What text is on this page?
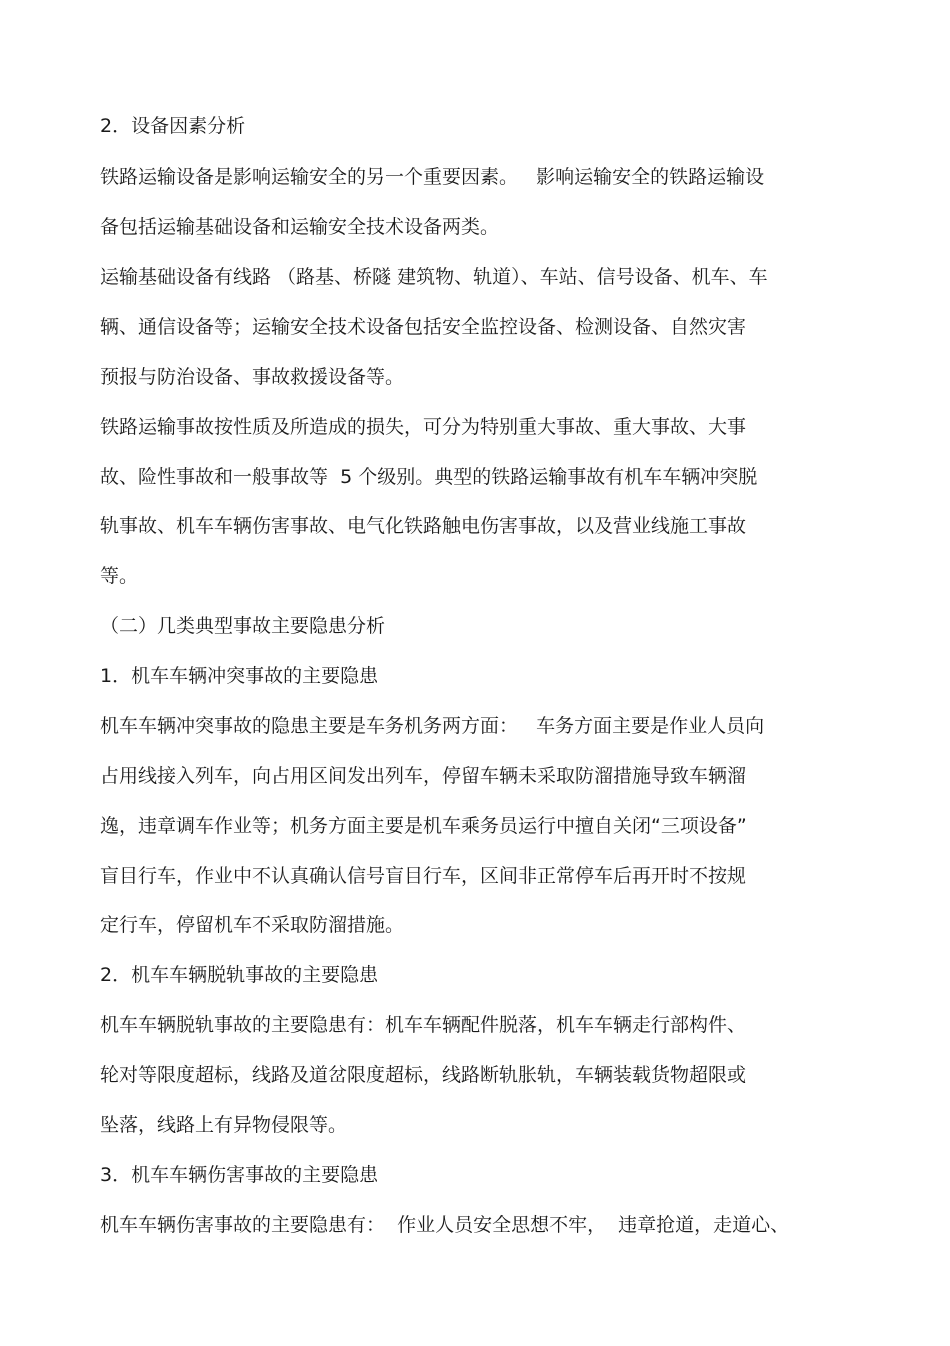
2．设备因素分析

铁路运输设备是影响运输安全的另一个重要因素。   影响运输安全的铁路运输设

备包括运输基础设备和运输安全技术设备两类。

运输基础设备有线路 （路基、桥隧 建筑物、轨道）、车站、信号设备、机车、车

辆、通信设备等；运输安全技术设备包括安全监控设备、检测设备、自然灾害

预报与防治设备、事故救援设备等。

铁路运输事故按性质及所造成的损失，可分为特别重大事故、重大事故、大事

故、险性事故和一般事故等  5 个级别。典型的铁路运输事故有机车车辆冲突脱

轨事故、机车车辆伤害事故、电气化铁路触电伤害事故，以及营业线施工事故

等。

（二）几类典型事故主要隐患分析

1．机车车辆冲突事故的主要隐患

机车车辆冲突事故的隐患主要是车务机务两方面：   车务方面主要是作业人员向

占用线接入列车，向占用区间发出列车，停留车辆未采取防溜措施导致车辆溜

逸，违章调车作业等；机务方面主要是机车乘务员运行中擅自关闭“三项设备”

盲目行车，作业中不认真确认信号盲目行车，区间非正常停车后再开时不按规

定行车，停留机车不采取防溜措施。

2．机车车辆脱轨事故的主要隐患

机车车辆脱轨事故的主要隐患有：机车车辆配件脱落，机车车辆走行部构件、

轮对等限度超标，线路及道岔限度超标，线路断轨胀轨，车辆装载货物超限或

坠落，线路上有异物侵限等。

3．机车车辆伤害事故的主要隐患

机车车辆伤害事故的主要隐患有：  作业人员安全思想不牢，  违章抢道，走道心、
